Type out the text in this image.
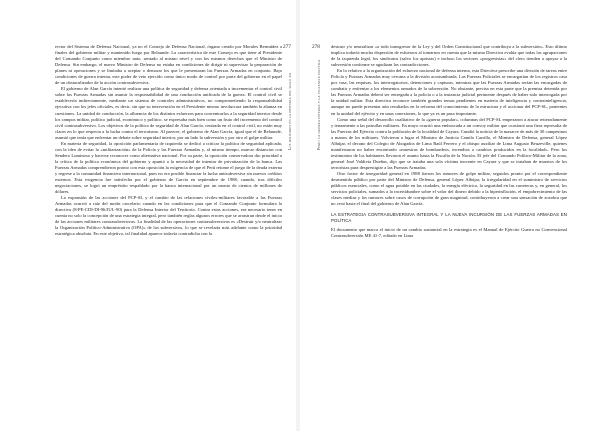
277
Los militares en la historia del siglo xx

rector del Sistema de Defensa Nacional, ya no el Consejo de Defensa Nacional, órgano creado por Morales Bermúdez a finales del gobierno militar y mantenido luego por Belaunde. La característica de este Consejo es que tiene al Presidente del Comando Conjunto como miembro nato, sentado al mismo nivel y con los mismos derechos que el Ministro de Defensa. Sin embargo, el nuevo Ministro de Defensa no estaba en condiciones de dirigir ni supervisar la preparación de planes ni operaciones y se limitaba a aceptar o demorar los que le presentaran las Fuerzas Armadas en conjunto. Bajo condiciones de guerra interna, este poder de veto ejercido como único modo de control por parte del gobierno en el papel de un obstaculizador de la acción contrasubversiva.

El gobierno de Alan García intentó realizar una política de seguridad y defensa orientada a incrementar el control civil sobre las Fuerzas Armadas sin asumir la responsabilidad de una conducción unificada de la guerra. El control civil se establecería indirectamente, mediante un sistema de controles administrativos, no comprometiendo la responsabilidad ejecutiva con los jefes oficiales, es decir, sin que su intervención en el Presidente mismo involucrara también la alianza en cuestiones. La unidad de conducción, la afluencia de los distintos esfuerzos para concentrarlos a la seguridad interior desde los campos militar, político judicial, económico y político, se expresaba más bien como un fruto del incremento del control civil contrasubversivo. Los objetivos de la política de seguridad de Alan García, centrada en el control civil, no están muy claros en lo que respecta a la lucha contra el terrorismo. Al parecer, el gobierno de Alan García, igual que el de Belaunde, asumió que tenía que enfrentar un debate sobre seguridad interior, por un lado la subversión y por otro el golpe militar.

En materia de seguridad, la oposición parlamentaria de izquierda se dedicó a criticar la política de seguridad aplicada, con la idea de evitar la «militarización» de la Policía y las Fuerzas Armadas y, al mismo tiempo, marcar distancias con Sendero Luminoso y hacerse reconocer como alternativa nacional. Por su parte, la oposición conservadora dio prioridad a la crítica de la política económica del gobierno y apuntó a la necesidad de intentar de privatización de la banca. Las Fuerzas Armadas comprendieron pronto con esta oposición la exigencia de que el Perú retome el juego de la deuda externa y regrese a la comunidad financiera internacional, pues no era posible financiar la lucha antisubversiva sin nuevos créditos externos. Esta exigencia fue satisfecha por el gobierno de García en septiembre de 1988, cuando, tras difíciles negociaciones, se logró un empréstito respaldado por la banca internacional por un monto de cientos de millones de dólares.

La expansión de las acciones del PCP-SL y el cambio de las relaciones civiles-militares favorable a las Fuerzas Armadas ocurrió a raíz del motín carcelario cuando en las condiciones para que el Comando Conjunto formulara la directiva (8-PE-CDI-DI-96/JUL-90) para la Defensa Interior del Territorio. Contra estas acciones, era necesario tener en cuenta no solo la concepción de una estrategia integral, pero también reglas algunos errores que se arrastran desde el inicio de las acciones militares contrasubversivas. La finalidad de las operaciones contrasubversivas es «Destruir y/o neutralizar la Organización Político-Administrativa (OPA)» de los subversivos, lo que se revelaría más adelante como la prioridad estratégica absoluta. En este objetivo, tal finalidad aparece todavía contradicha con la

278
Perú: la guerra interna y la violencia política

destruir y/o neutralizar «a todo transgresor de la Ley y del Orden Constitucional que contribuya a la subversión». Esto último implica todavía mucha dispersión de esfuerzos al tomarnos en cuenta que la misma Directiva evalúa que todas las agrupaciones de la izquierda legal, los sindicatos (salvo los apristas) e incluso los sectores «progresistas» del clero tienden a apoyar a la subversión conforme se agudizan las contradicciones.

En lo relativo a la organización del esfuerzo nacional de defensa interna, esta Directiva prescribe una división de tareas entre Policía y Fuerzas Armadas muy cercana a la división acostumbrada. Las Fuerzas Policiales se encargarían de los registros casa por casa, las requisas, los interrogatorios, detenciones y capturas, mientras que las Fuerzas Armadas serían las encargadas de combatir y enfrentar a los elementos armados de la subversión. No obstante, precisa en esta parte que la premisa detenida por las Fuerzas Armadas deberá ser entregada a la policía o a la instancia judicial pertinente después de haber sido interrogada por la unidad militar. Esta directiva reconoce también grandes temas pendientes en materia de inteligencia y contrainteligencia, aunque no puede presentar aún resultados en la reforma del conocimiento de la estructura y el accionar del PCP-SL, ponientes en la unidad del ejército y en unas conexiones, lo que ya es un paso importante.

Como una señal del desarrollo cualitativo de la «guerra popular», columnas del PCP-SL empezaron a atacar reiteradamente y tenazmente a las patrullas militares. En mayo ocurrió una emboscada a un convoy militar que ocasionó una fiera represalia de las Fuerzas del Ejército contra la población de la localidad de Cayara. Cundió la noticia de la masacre de más de 30 campesinos a manos de los militares. Volvieron a lugar el Ministro de Justicia Camilo Carrillo, el Ministro de Defensa, general López Albújar, el decano del Colegio de Abogados de Lima Raúl Ferrero y el obispo auxiliar de Lima Augusto Beuzeville, quienes manifestaron no haber encontrado «muestras de bombardeos, incendios o cambios producidos en la localidad». Pero los testimonios de los habitantes llevaron el asunto hasta la Fiscalía de la Nación. El jefe del Comando Político-Militar de la zona, general José Valdivia Dueñas, dijo que se trataba una sola víctima inocente en Cayara y que se trataban de muertos de los terroristas para desprestigiar a las Fuerzas Armadas.

Otro factor de inseguridad general en 1988 fueron los rumores de golpe militar, seguidos pronto por el correspondiente desmentido público por parte del Ministro de Defensa, general López Albújar, la irregularidad en el suministro de servicios públicos esenciales, como el agua potable en las ciudades, la energía eléctrica, la seguridad en las carreteras y, en general, los servicios policiales, sumados a la incertidumbre sobre el valor del dinero debido a la hiperinflación, el empobrecimiento de las clases medias y los rumores sobre casos de corrupción de gran magnitud, contribuyeron a crear una sensación de zozobra que no cesó hasta el final del gobierno de Alan García.

LA ESTRATEGIA CONTRASUBVERSIVA INTEGRAL Y LA NUEVA INCURSIÓN DE LAS FUERZAS ARMADAS EN POLÍTICA

El documento que marca el inicio de un cambio sustancial en la estrategia es el Manual de Ejército Guerra no Convencional Contrasubversión ME 41-7, editado en Lima
